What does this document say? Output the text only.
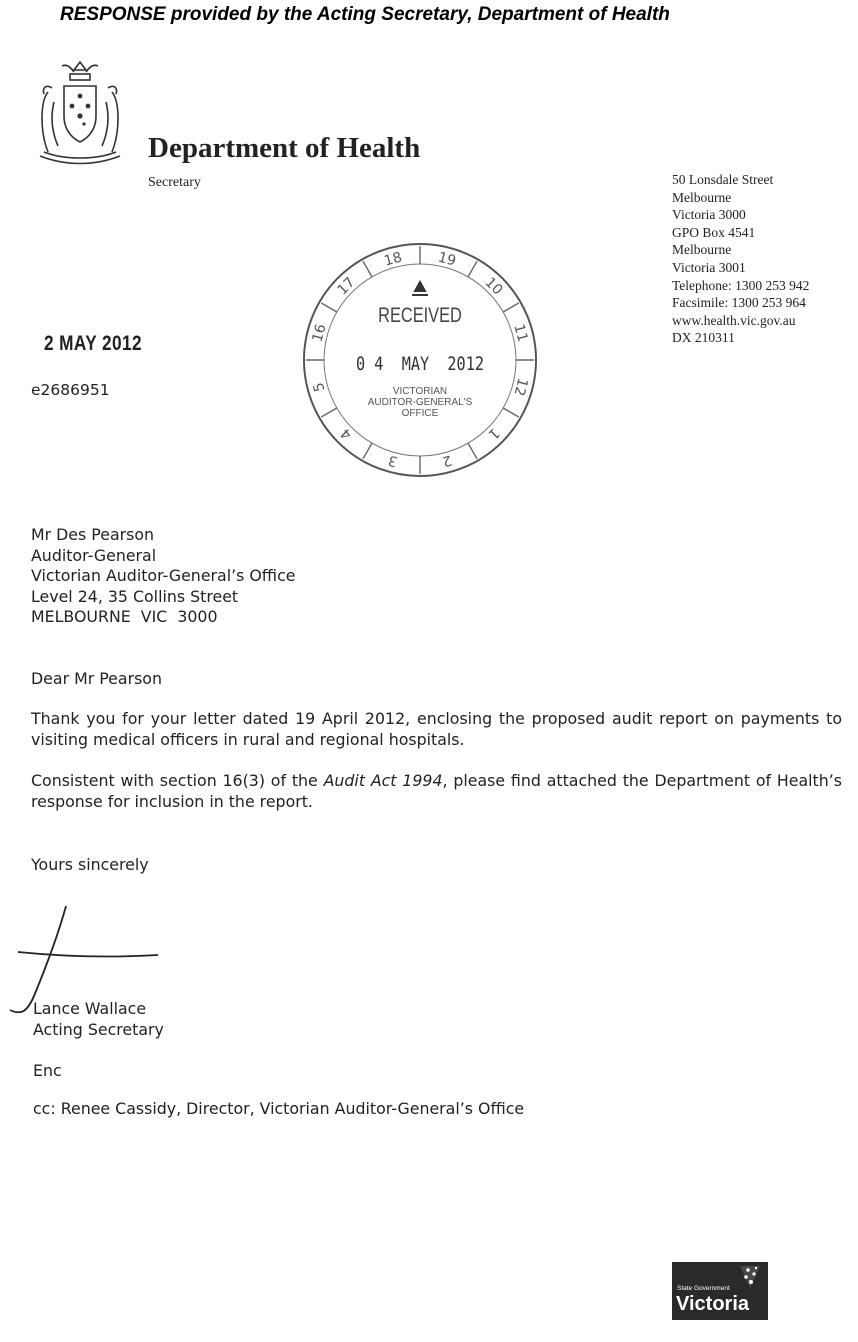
RESPONSE provided by the Acting Secretary, Department of Health
Department of Health
Secretary	50 Lonsdale Street
Melbourne
Victoria 3000
GPO Box 4541
Melbourne
Victoria 3001
Telephone: 1300 253 942
Facsimile: 1300 253 964
www.health.vic.gov.au
DX 210311
18 19
10
11
12
1
2
3
4
5
16
17
RECEIVED
0 4  MAY  2012
VICTORIAN
AUDITOR-GENERAL'S
OFFICE
2 MAY 2012
e2686951
Mr Des Pearson
Auditor-General
Victorian Auditor-General’s Office
Level 24, 35 Collins Street
MELBOURNE  VIC  3000
Dear Mr Pearson
Thank you for your letter dated 19 April 2012, enclosing the proposed audit report on payments to visiting medical officers in rural and regional hospitals.
Consistent with section 16(3) of the Audit Act 1994, please find attached the Department of Health’s response for inclusion in the report.
Yours sincerely
Lance Wallace
Acting Secretary
Enc
cc: Renee Cassidy, Director, Victorian Auditor-General’s Office
State Government
Victoria
